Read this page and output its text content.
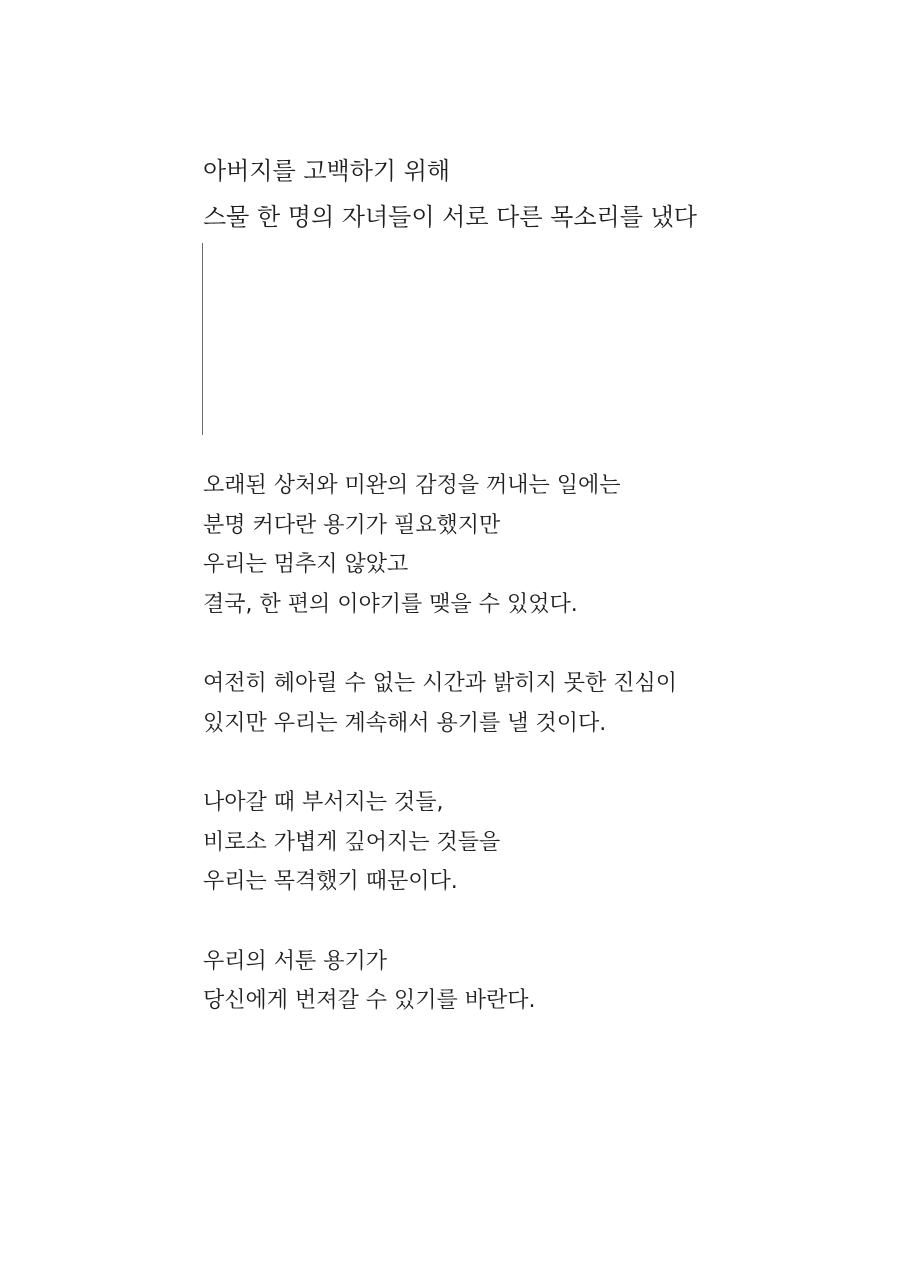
아버지를 고백하기 위해
스물 한 명의 자녀들이 서로 다른 목소리를 냈다
오래된 상처와 미완의 감정을 꺼내는 일에는
분명 커다란 용기가 필요했지만
우리는 멈추지 않았고
결국, 한 편의 이야기를 맺을 수 있었다.
여전히 헤아릴 수 없는 시간과 밝히지 못한 진심이
있지만 우리는 계속해서 용기를 낼 것이다.
나아갈 때 부서지는 것들,
비로소 가볍게 깊어지는 것들을
우리는 목격했기 때문이다.
우리의 서툰 용기가
당신에게 번져갈 수 있기를 바란다.
